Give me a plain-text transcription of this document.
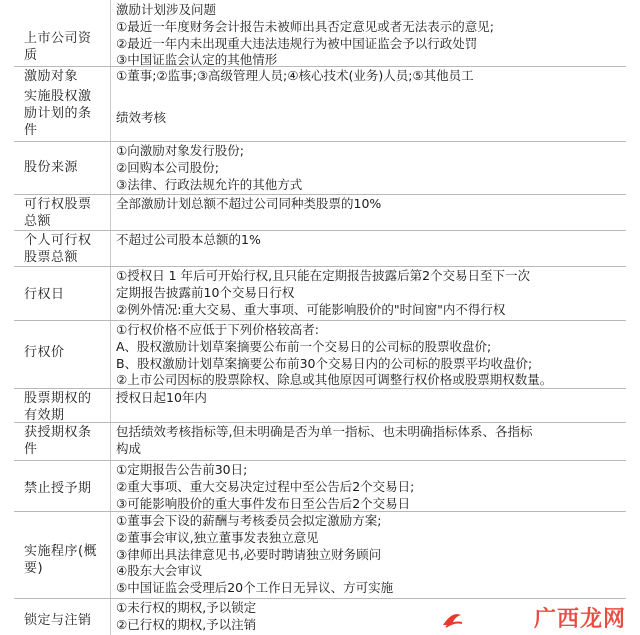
上市公司资
质
激励计划涉及问题
①最近一年度财务会计报告未被师出具否定意见或者无法表示的意见;
②最近一年内未出现重大违法违规行为被中国证监会予以行政处罚
③中国证监会认定的其他情形
激励对象	①董事;②监事;③高级管理人员;④核心技术(业务)人员;⑤其他员工
实施股权激
励计划的条
件
绩效考核
股份来源
①向激励对象发行股份;
②回购本公司股份;
③法律、行政法规允许的其他方式
可行权股票
总额
全部激励计划总额不超过公司同种类股票的10%
个人可行权
股票总额
不超过公司股本总额的1%
行权日
①授权日 1 年后可开始行权,且只能在定期报告披露后第2个交易日至下一次
定期报告披露前10个交易日行权
②例外情况:重大交易、重大事项、可能影响股价的"时间窗"内不得行权
行权价
①行权价格不应低于下列价格较高者:
A、股权激励计划草案摘要公布前一个交易日的公司标的股票收盘价;
B、股权激励计划草案摘要公布前30个交易日内的公司标的股票平均收盘价;
②上市公司因标的股票除权、除息或其他原因可调整行权价格或股票期权数量。
股票期权的
有效期
授权日起10年内
获授期权条
件
包括绩效考核指标等,但未明确是否为单一指标、也未明确指标体系、各指标
构成
禁止授予期
①定期报告公告前30日;
②重大事项、重大交易决定过程中至公告后2个交易日;
③可能影响股价的重大事件发布日至公告后2个交易日
实施程序(概
要)
①董事会下设的薪酬与考核委员会拟定激励方案;
②董事会审议,独立董事发表独立意见
③律师出具法律意见书,必要时聘请独立财务顾问
④股东大会审议
⑤中国证监会受理后20个工作日无异议、方可实施
锁定与注销
①未行权的期权,予以锁定
②已行权的期权,予以注销	广西龙网
